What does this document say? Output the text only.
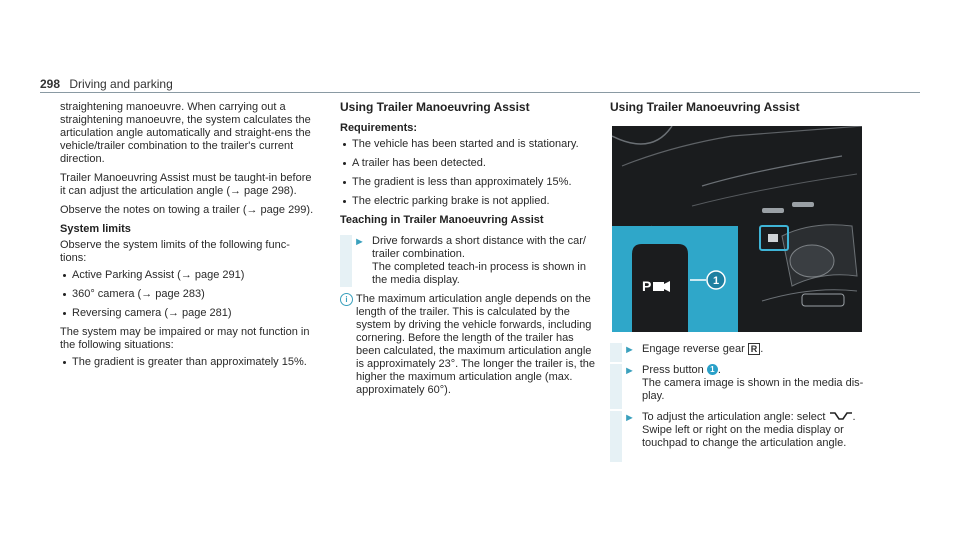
298 Driving and parking

straightening manoeuvre. When carrying out a straightening manoeuvre, the system calculates the articulation angle automatically and straight-ens the vehicle/trailer combination to the trailer's current direction.

Trailer Manoeuvring Assist must be taught-in before it can adjust the articulation angle (→ page 298).

Observe the notes on towing a trailer (→ page 299).

System limits

Observe the system limits of the following func-tions:

Active Parking Assist (→ page 291)
360° camera (→ page 283)
Reversing camera (→ page 281)

The system may be impaired or may not function in the following situations:

The gradient is greater than approximately 15%.
Using Trailer Manoeuvring Assist
Requirements:
The vehicle has been started and is stationary.
A trailer has been detected.
The gradient is less than approximately 15%.
The electric parking brake is not applied.
Teaching in Trailer Manoeuvring Assist
► Drive forwards a short distance with the car/ trailer combination.
The completed teach-in process is shown in the media display.
i The maximum articulation angle depends on the length of the trailer. This is calculated by the system by driving the vehicle forwards, including cornering. Before the length of the trailer has been calculated, the maximum articulation angle is approximately 23°. The longer the trailer is, the higher the maximum articulation angle (max. approximately 60°).
Using Trailer Manoeuvring Assist
P	1
► Engage reverse gear R .
► Press button 1 .
The camera image is shown in the media dis-play.
► To adjust the articulation angle: select .
Swipe left or right on the media display or touchpad to change the articulation angle.
